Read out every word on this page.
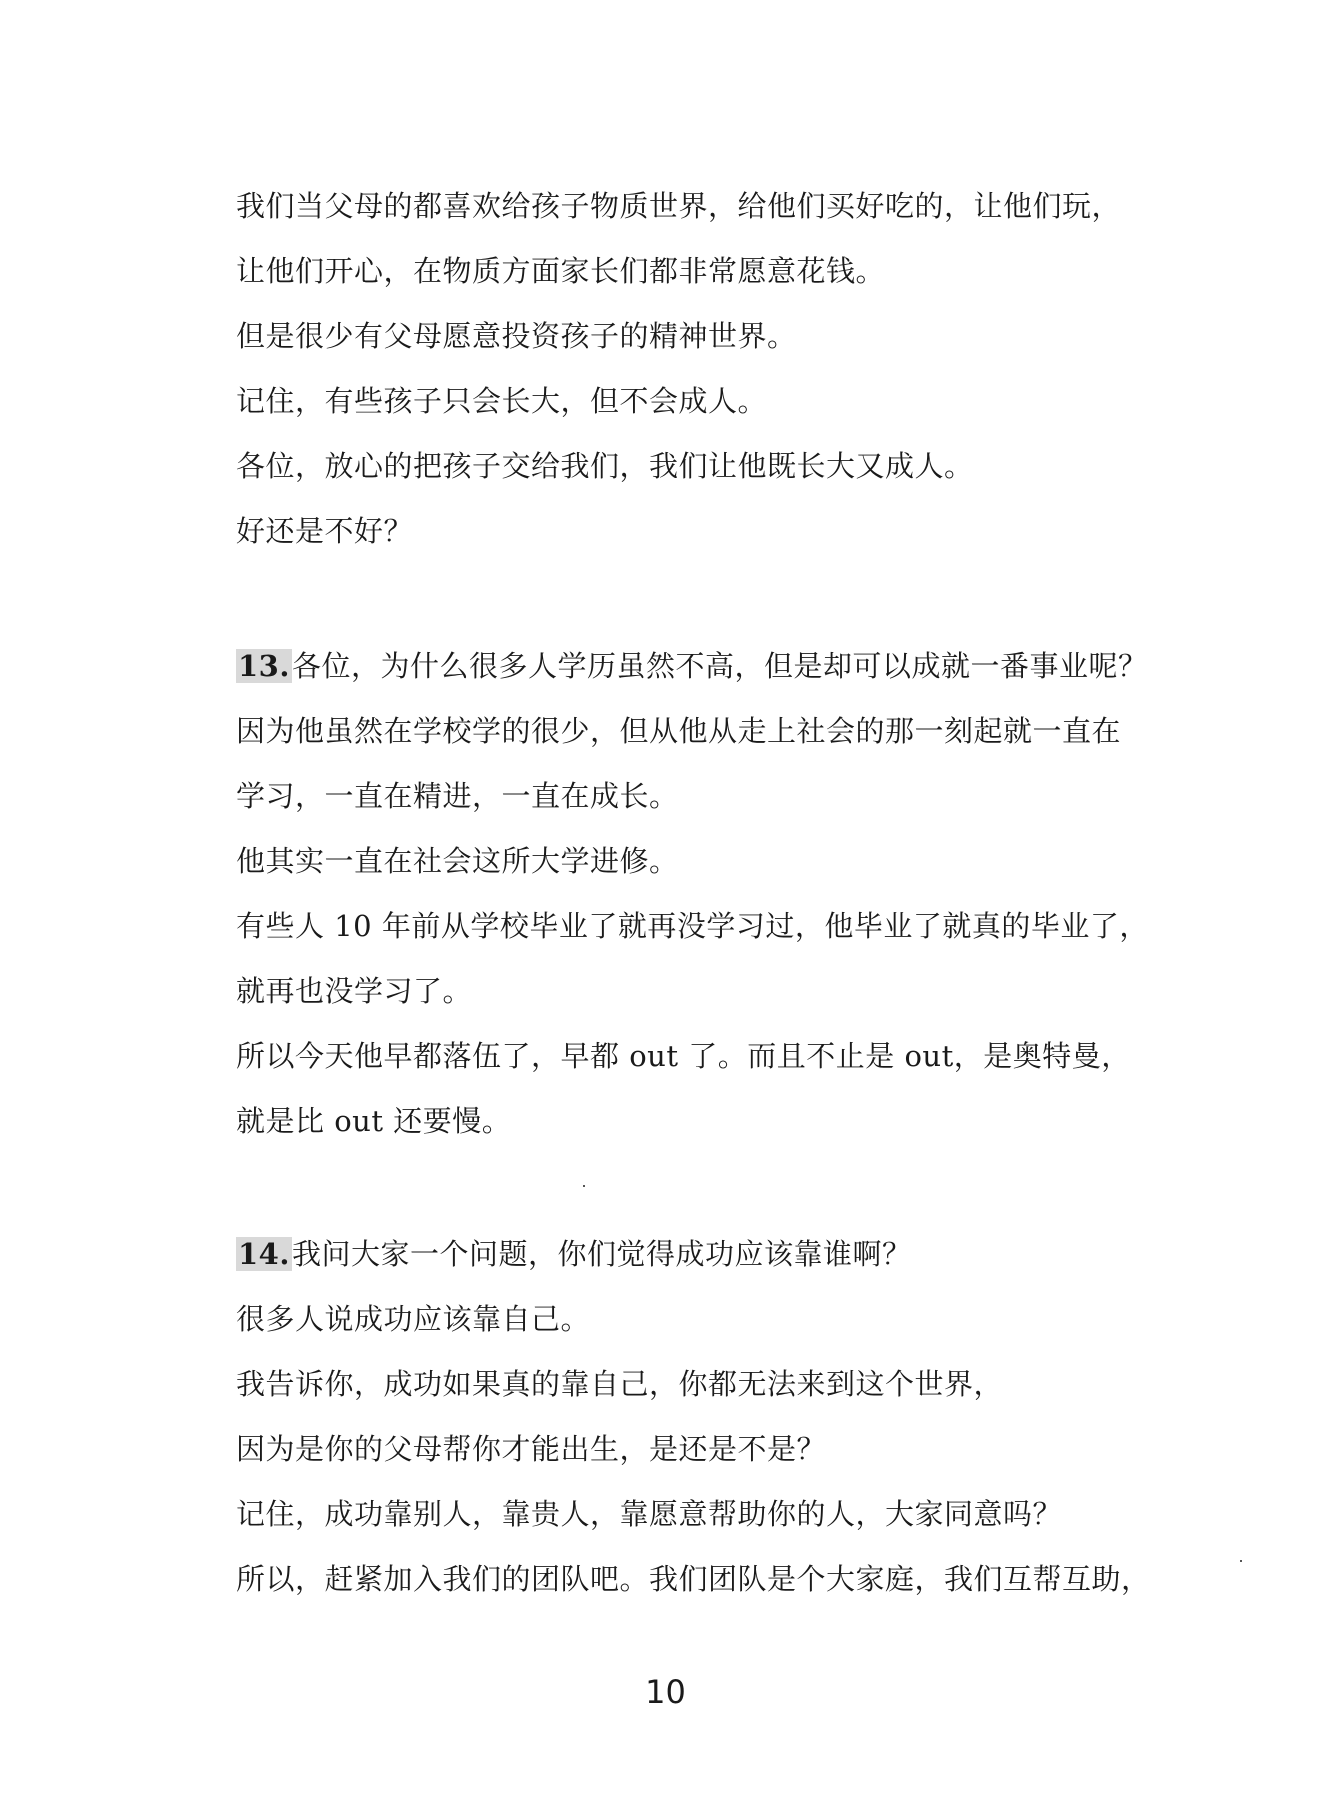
我们当父母的都喜欢给孩子物质世界，给他们买好吃的，让他们玩，
让他们开心，在物质方面家长们都非常愿意花钱。
但是很少有父母愿意投资孩子的精神世界。
记住，有些孩子只会长大，但不会成人。
各位，放心的把孩子交给我们，我们让他既长大又成人。
好还是不好？
13.各位，为什么很多人学历虽然不高，但是却可以成就一番事业呢？
因为他虽然在学校学的很少，但从他从走上社会的那一刻起就一直在
学习，一直在精进，一直在成长。
他其实一直在社会这所大学进修。
有些人 10 年前从学校毕业了就再没学习过，他毕业了就真的毕业了，
就再也没学习了。
所以今天他早都落伍了，早都 out 了。而且不止是 out，是奥特曼，
就是比 out 还要慢。
14.我问大家一个问题，你们觉得成功应该靠谁啊？
很多人说成功应该靠自己。
我告诉你，成功如果真的靠自己，你都无法来到这个世界，
因为是你的父母帮你才能出生，是还是不是？
记住，成功靠别人，靠贵人，靠愿意帮助你的人，大家同意吗？
所以，赶紧加入我们的团队吧。我们团队是个大家庭，我们互帮互助，
10
